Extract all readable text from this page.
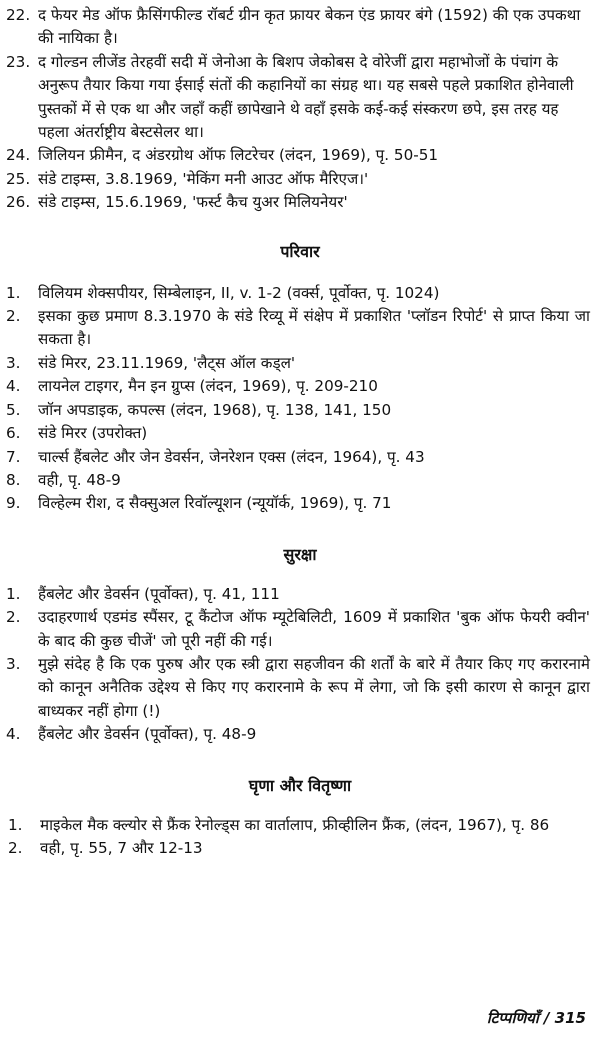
22. द फेयर मेड ऑफ फ्रैसिंगफील्ड रॉबर्ट ग्रीन कृत फ्रायर बेकन एंड फ्रायर बंगे (1592) की एक उपकथा की नायिका है।
23. द गोल्डन लीजेंड तेरहवीं सदी में जेनोआ के बिशप जेकोबस दे वोरेजीं द्वारा महाभोजों के पंचांग के अनुरूप तैयार किया गया ईसाई संतों की कहानियों का संग्रह था। यह सबसे पहले प्रकाशित होनेवाली पुस्तकों में से एक था और जहाँ कहीं छापेखाने थे वहाँ इसके कई-कई संस्करण छपे, इस तरह यह पहला अंतर्राष्ट्रीय बेस्टसेलर था।
24. जिलियन फ्रीमैन, द अंडरग्रोथ ऑफ लिटरेचर (लंदन, 1969), पृ. 50-51
25. संडे टाइम्स, 3.8.1969, 'मेकिंग मनी आउट ऑफ मैरिएज।'
26. संडे टाइम्स, 15.6.1969, 'फर्स्ट कैच युअर मिलियनेयर'
परिवार
1.	विलियम शेक्सपीयर, सिम्बेलाइन, II, v. 1-2 (वर्क्स, पूर्वोक्त, पृ. 1024)
2.	इसका कुछ प्रमाण 8.3.1970 के संडे रिव्यू में संक्षेप में प्रकाशित 'प्लॉडन रिपोर्ट' से प्राप्त किया जा सकता है।
3.	संडे मिरर, 23.11.1969, 'लैट्स ऑल कड्ल'
4.	लायनेल टाइगर, मैन इन ग्रुप्स (लंदन, 1969), पृ. 209-210
5.	जॉन अपडाइक, कपल्स (लंदन, 1968), पृ. 138, 141, 150
6.	संडे मिरर (उपरोक्त)
7.	चार्ल्स हैंबलेट और जेन डेवर्सन, जेनरेशन एक्स (लंदन, 1964), पृ. 43
8.	वही, पृ. 48-9
9.	विल्हेल्म रीश, द सैक्सुअल रिवॉल्यूशन (न्यूयॉर्क, 1969), पृ. 71
सुरक्षा
1.	हैंबलेट और डेवर्सन (पूर्वोक्त), पृ. 41, 111
2.	उदाहरणार्थ एडमंड स्पैंसर, टू कैंटोज ऑफ म्यूटेबिलिटी, 1609 में प्रकाशित 'बुक ऑफ फेयरी क्वीन' के बाद की कुछ चीजें' जो पूरी नहीं की गई।
3.	मुझे संदेह है कि एक पुरुष और एक स्त्री द्वारा सहजीवन की शर्तों के बारे में तैयार किए गए करारनामे को कानून अनैतिक उद्देश्य से किए गए करारनामे के रूप में लेगा, जो कि इसी कारण से कानून द्वारा बाध्यकर नहीं होगा (!)
4.	हैंबलेट और डेवर्सन (पूर्वोक्त), पृ. 48-9
घृणा और वितृष्णा
1.	माइकेल मैक क्ल्योर से फ्रैंक रेनोल्ड्स का वार्तालाप, फ्रीव्हीलिन फ्रैंक, (लंदन, 1967), पृ. 86
2.	वही, पृ. 55, 7 और 12-13
टिप्पणियाँ / 315
